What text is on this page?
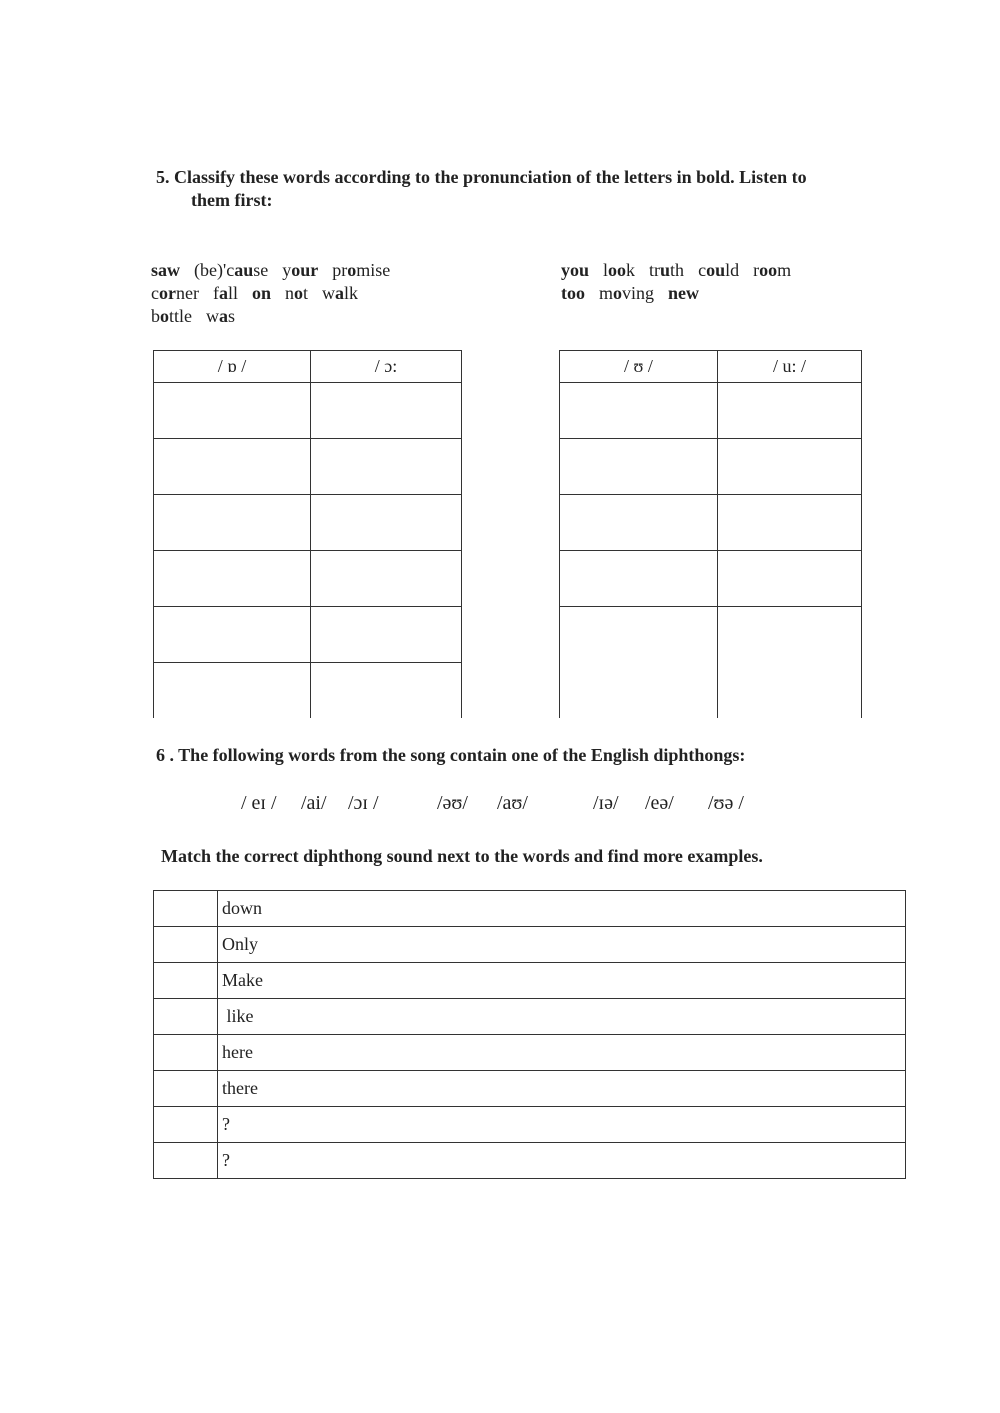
5. Classify these words according to the pronunciation of the letters in bold. Listen to
them first:
saw (be)'cause your promise
corner fall on not walk
bottle was
you look truth could room
too moving new
/ ɒ /	/ ɔ:

		/ ʊ /	/ u: /

6 . The following words from the song contain one of the English diphthongs:
/ eɪ / /ai/ /ɔɪ /	/əʊ/ /aʊ/	/ɪə/ /eə/ /ʊə /
Match the correct diphthong sound next to the words and find more examples.
	down
	Only
	Make
	like
	here
	there
	?
	?
